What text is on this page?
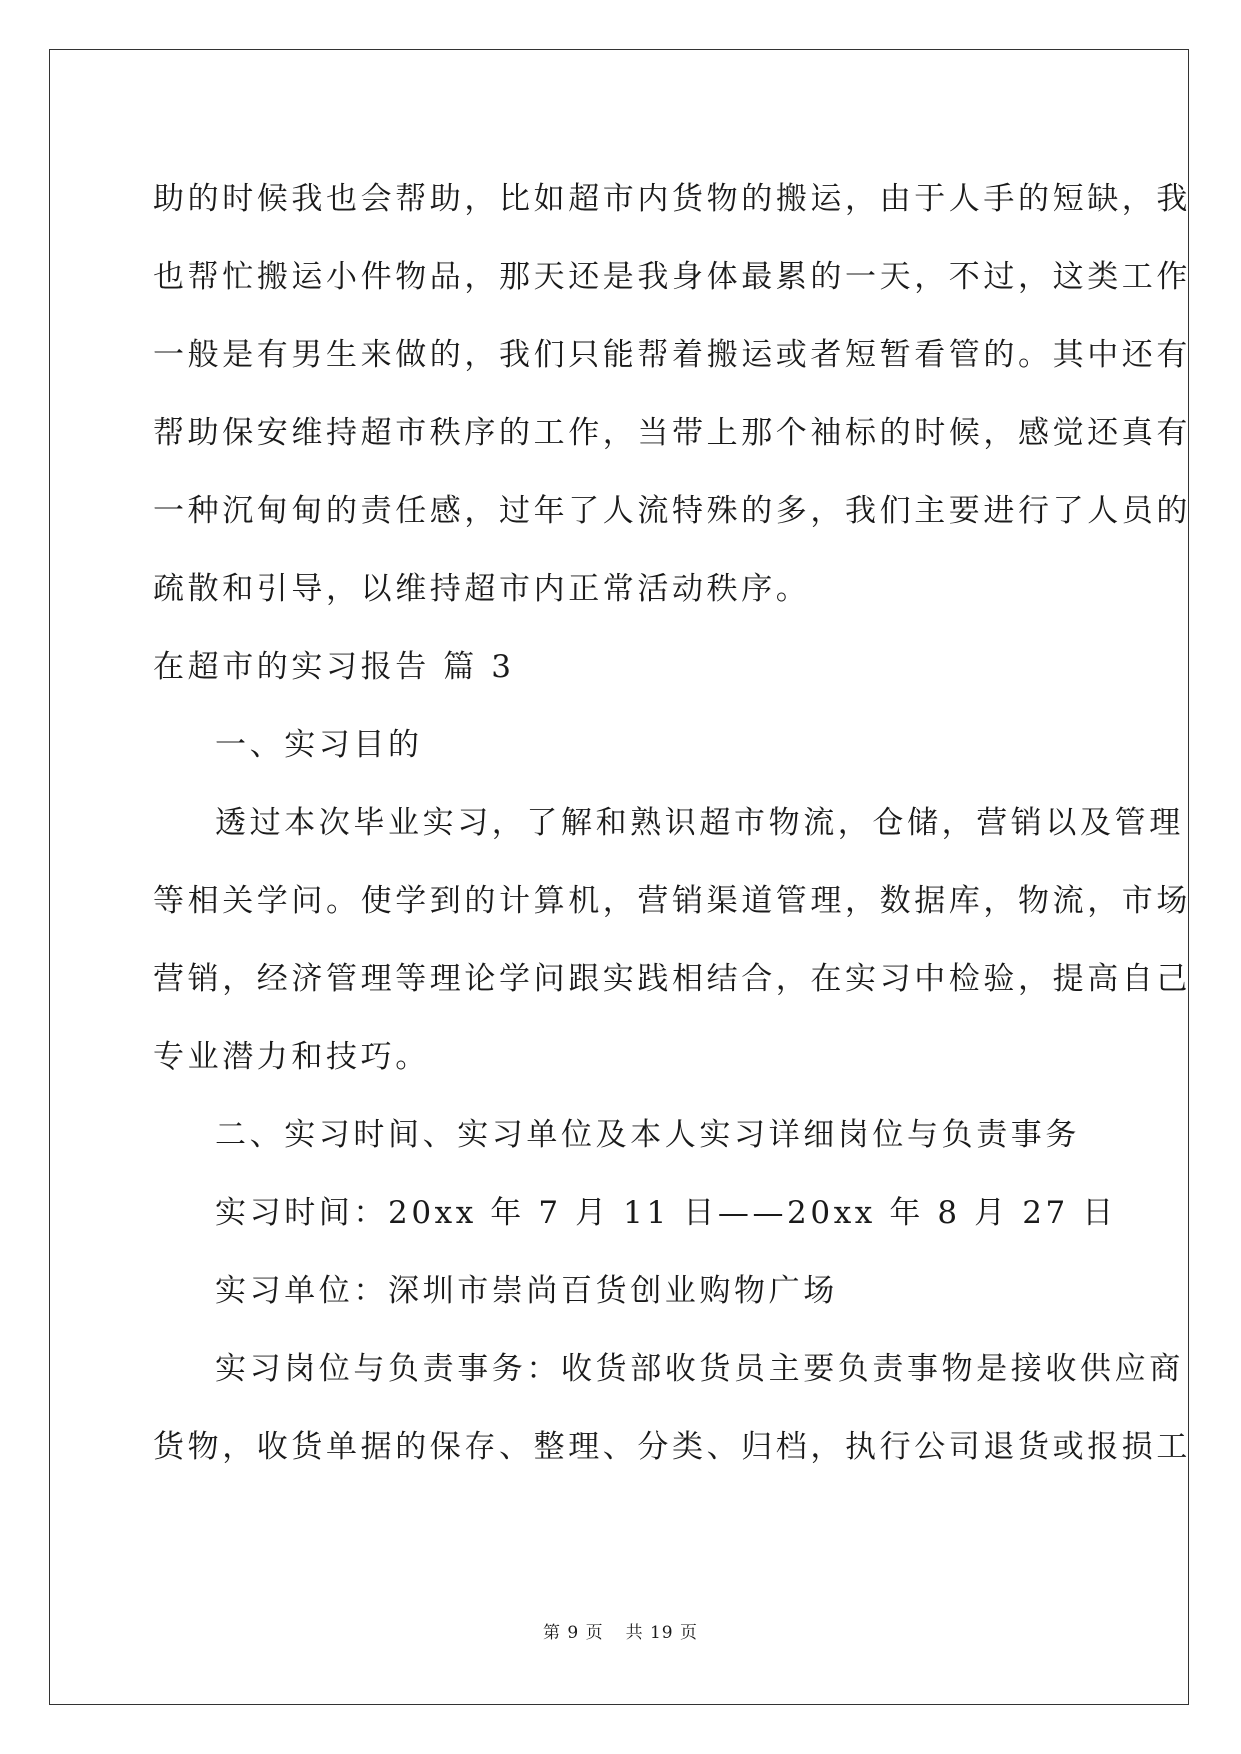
助的时候我也会帮助，比如超市内货物的搬运，由于人手的短缺，我
也帮忙搬运小件物品，那天还是我身体最累的一天，不过，这类工作
一般是有男生来做的，我们只能帮着搬运或者短暂看管的。其中还有
帮助保安维持超市秩序的工作，当带上那个袖标的时候，感觉还真有
一种沉甸甸的责任感，过年了人流特殊的多，我们主要进行了人员的
疏散和引导，以维持超市内正常活动秩序。
在超市的实习报告 篇 3
一、实习目的
透过本次毕业实习，了解和熟识超市物流，仓储，营销以及管理
等相关学问。使学到的计算机，营销渠道管理，数据库，物流，市场
营销，经济管理等理论学问跟实践相结合，在实习中检验，提高自己
专业潜力和技巧。
二、实习时间、实习单位及本人实习详细岗位与负责事务
实习时间：20xx 年 7 月 11 日——20xx 年 8 月 27 日
实习单位：深圳市崇尚百货创业购物广场
实习岗位与负责事务：收货部收货员主要负责事物是接收供应商
货物，收货单据的保存、整理、分类、归档，执行公司退货或报损工
第 9 页 共 19 页
